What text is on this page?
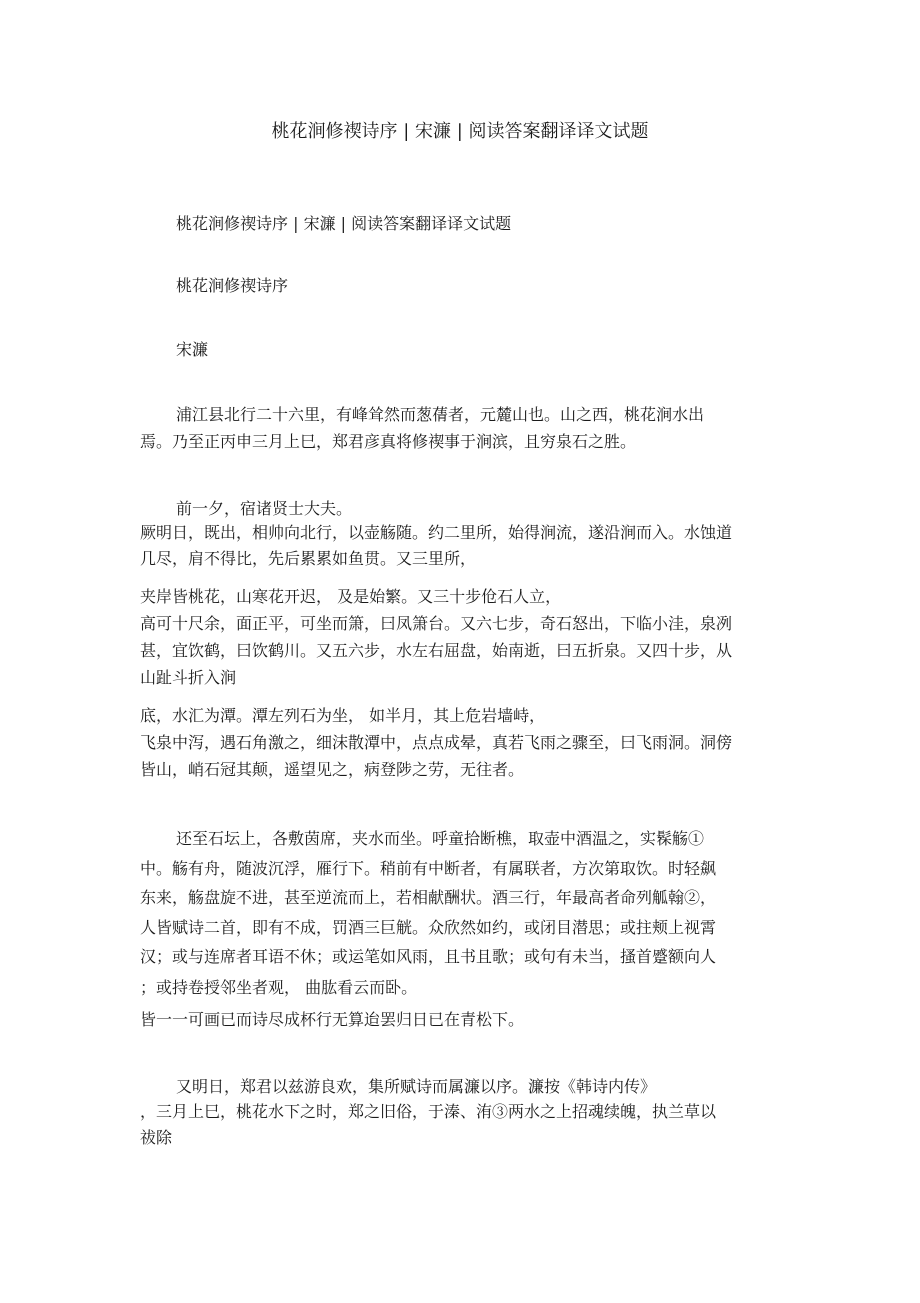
桃花涧修禊诗序 | 宋濂 | 阅读答案翻译译文试题
桃花涧修禊诗序 | 宋濂 | 阅读答案翻译译文试题
桃花涧修禊诗序
宋濂
浦江县北行二十六里，有峰耸然而葱蒨者，元麓山也。山之西，桃花涧水出
焉。乃至正丙申三月上巳，郑君彦真将修禊事于涧滨，且穷泉石之胜。
前一夕，宿诸贤士大夫。
厥明日，既出，相帅向北行，以壶觞随。约二里所，始得涧流，遂沿涧而入。水蚀道
几尽，肩不得比，先后累累如鱼贯。又三里所，
夹岸皆桃花，山寒花开迟， 及是始繁。又三十步伧石人立，
高可十尺余，面正平，可坐而箫，曰凤箫台。又六七步，奇石怒出，下临小洼，泉冽
甚，宜饮鹤，曰饮鹤川。又五六步，水左右屈盘，始南逝，曰五折泉。又四十步，从
山趾斗折入涧
底，水汇为潭。潭左列石为坐， 如半月，其上危岩墙峙，
飞泉中泻，遇石角激之，细沫散潭中，点点成晕，真若飞雨之骤至，曰飞雨洞。洞傍
皆山，峭石冠其颠，遥望见之，病登陟之劳，无往者。
还至石坛上，各敷茵席，夹水而坐。呼童拾断樵，取壶中酒温之，实髹觞①
中。觞有舟，随波沉浮，雁行下。稍前有中断者，有属联者，方次第取饮。时轻飙
东来，觞盘旋不进，甚至逆流而上，若相献酬状。酒三行，年最高者命列觚翰②，
人皆赋诗二首，即有不成，罚酒三巨觥。众欣然如约，或闭目潜思；或拄颊上视霄
汉；或与连席者耳语不休；或运笔如风雨，且书且歌；或句有未当，搔首蹙额向人
；或持卷授邻坐者观， 曲肱看云而卧。
皆一一可画已而诗尽成杯行无算迨罢归日已在青松下。
又明日，郑君以兹游良欢，集所赋诗而属濂以序。濂按《韩诗内传》
，三月上巳，桃花水下之时，郑之旧俗，于溱、洧③两水之上招魂续魄，执兰草以
祓除
